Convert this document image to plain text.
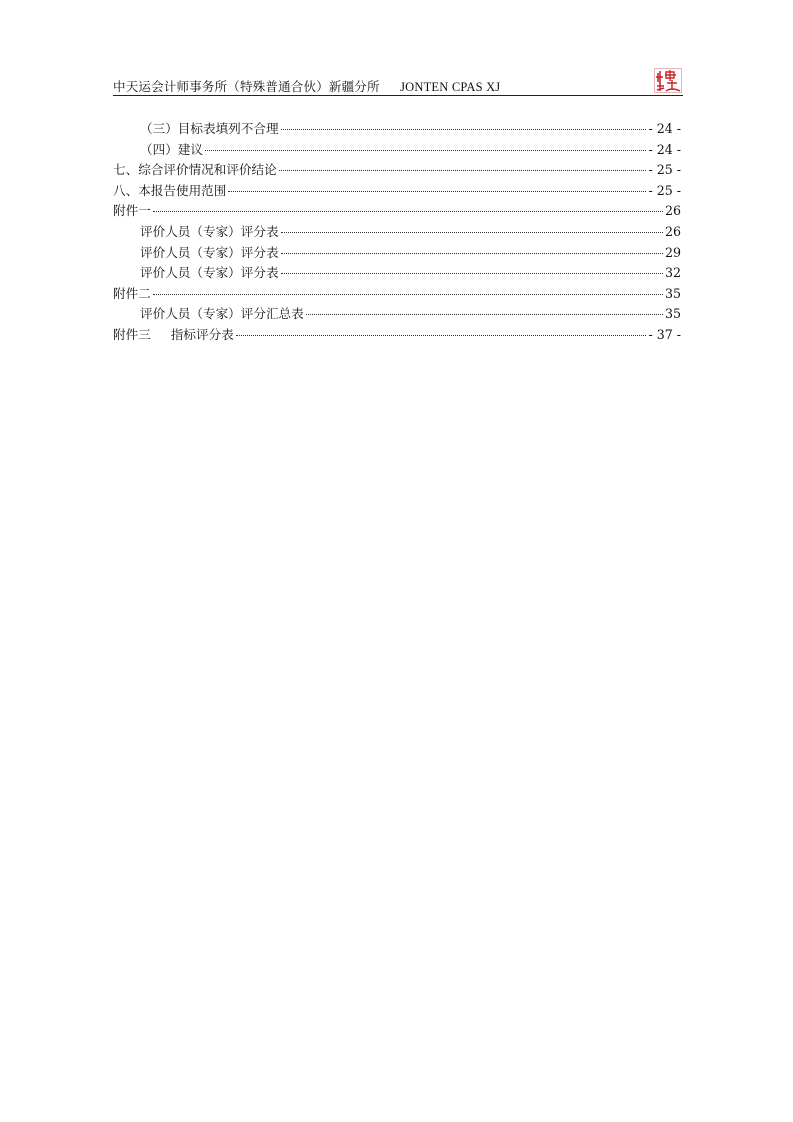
中天运会计师事务所（特殊普通合伙）新疆分所 JONTEN CPAS XJ
（三）目标表填列不合理	- 24 -
（四）建议	- 24 -
七、综合评价情况和评价结论	- 25 -
八、本报告使用范围	- 25 -
附件一	26
评价人员（专家）评分表	26
评价人员（专家）评分表	29
评价人员（专家）评分表	32
附件二	35
评价人员（专家）评分汇总表	35
附件三 指标评分表	- 37 -
